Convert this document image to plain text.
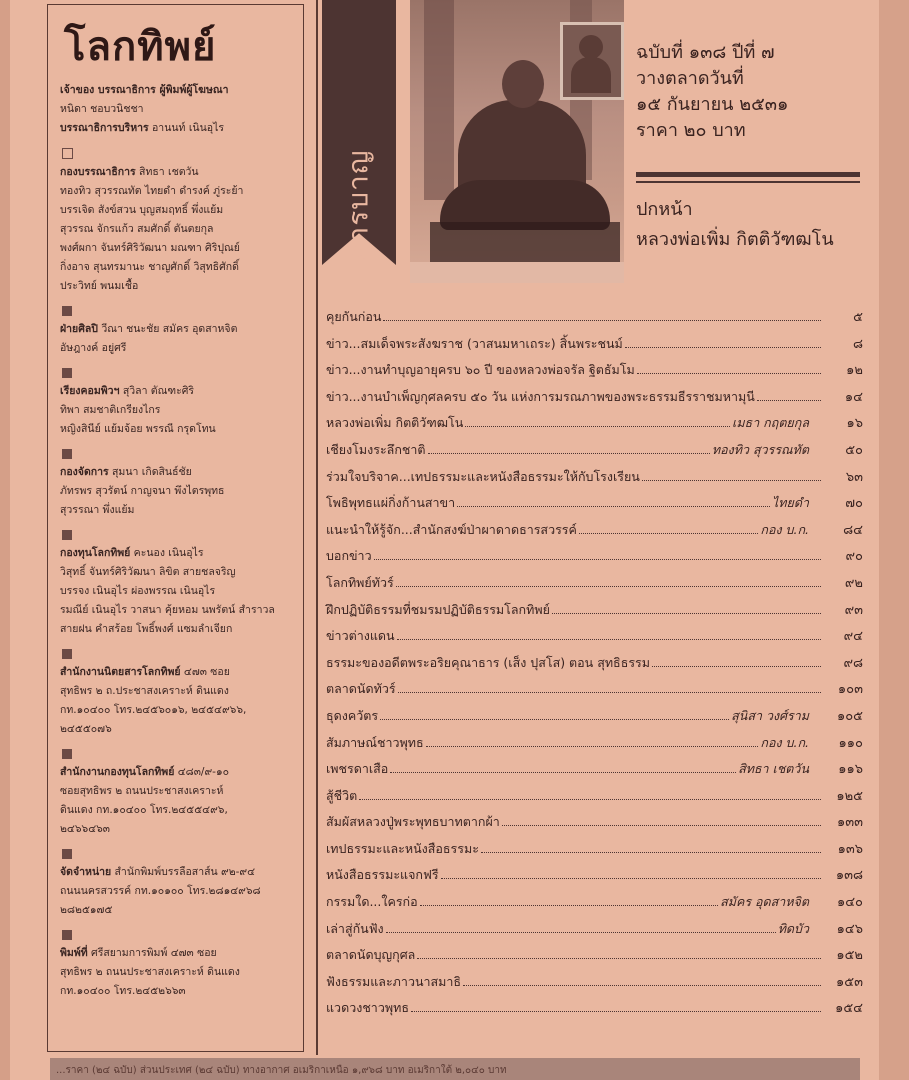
โลกทิพย์

เจ้าของ บรรณาธิการ ผู้พิมพ์ผู้โฆษณา

หนิดา ชอบวนิชชา

บรรณาธิการบริหาร อานนท์ เนินอุไร

กองบรรณาธิการ สิทธา เชตวัน

ทองทิว สุวรรณทัต ไทยดำ ดำรงค์ ภู่ระย้า

บรรเจิด สังข์สวน บุญสมฤทธิ์ พึ่งแย้ม

สุวรรณ จักรแก้ว สมศักดิ์ ตันตยกุล

พงศ์ผกา จันทร์ศิริวัฒนา มณฑา ศิริปุณย์

กิ่งอาจ สุนทรมานะ ชาญศักดิ์ วิสุทธิศักดิ์

ประวิทย์ พนมเชื้อ

ฝ่ายศิลปิ วีณา ชนะชัย สมัคร อุดสาหจิต

อัษฎางค์ อยู่ศรี

เรียงคอมพิวฯ สุวิลา ตัณฑะศิริ

ทิพา สมชาติเกรียงไกร

หญิงสินีย์ แย้มจ้อย พรรณี กรุดโทน

กองจัดการ สุมนา เกิดสินธ์ชัย

ภัทรพร สุวรัตน์ กาญจนา พึงไตรพุทธ

สุวรรณา พึ่งแย้ม

กองทุนโลกทิพย์ คะนอง เนินอุไร

วิสุทธิ์ จันทร์ศิริวัฒนา ลิขิต สายชลจริญ

บรรจง เนินอุไร ผ่องพรรณ เนินอุไร

รมณีย์ เนินอุไร วาสนา คุ้ยหอม นพรัตน์ สำราวล

สายฝน คำสร้อย โพธิ์พงศ์ แซมลำเจียก

สำนักงานนิตยสารโลกทิพย์ ๔๗๓ ซอย

สุทธิพร ๒ ถ.ประชาสงเคราะห์ ดินแดง

กท.๑๐๔๐๐ โทร.๒๔๕๖๐๑๖, ๒๔๕๔๙๖๖,

๒๔๕๕๐๗๖

สำนักงานกองทุนโลกทิพย์ ๔๘๓/๙-๑๐

ซอยสุทธิพร ๒ ถนนประชาสงเคราะห์

ดินแดง กท.๑๐๔๐๐ โทร.๒๔๕๕๔๙๖,

๒๔๖๖๔๖๓

จัดจำหน่าย สำนักพิมพ์บรรลือสาส์น ๙๒-๙๔

ถนนนครสวรรค์ กท.๑๐๑๐๐ โทร.๒๘๑๔๙๖๘

๒๘๒๕๑๗๕

พิมพ์ที่ ศรีสยามการพิมพ์ ๔๗๓ ซอย

สุทธิพร ๒ ถนนประชาสงเคราะห์ ดินแดง

กท.๑๐๔๐๐ โทร.๒๔๕๒๖๖๓

สารบาญ

ฉบับที่ ๑๓๘ ปีที่ ๗

วางตลาดวันที่

๑๕ กันยายน ๒๕๓๑

ราคา ๒๐ บาท

ปกหน้า

หลวงพ่อเพิ่ม กิตติวัฑฒโน

คุยกันก่อน	๕
ข่าว...สมเด็จพระสังฆราช (วาสนมหาเถระ) สิ้นพระชนม์	๘
ข่าว...งานทำบุญอายุครบ ๖๐ ปี ของหลวงพ่อจรัล ฐิตธัมโม	๑๒
ข่าว...งานบำเพ็ญกุศลครบ ๕๐ วัน แห่งการมรณภาพของพระธรรมธีรราชมหามุนี	๑๔
หลวงพ่อเพิ่ม กิตติวัฑฒโน	เมธา กฤตยกุล	๑๖
เชียงโมงระลึกชาติ	ทองทิว สุวรรณทัต	๕๐
ร่วมใจบริจาค...เทปธรรมะและหนังสือธรรมะให้กับโรงเรียน	๖๓
โพธิพุทธแผ่กิ่งก้านสาขา	ไทยดำ	๗๐
แนะนำให้รู้จัก...สำนักสงฆ์ป่าผาดาดธารสวรรค์	กอง บ.ก.	๘๔
บอกข่าว	๙๐
โลกทิพย์ทัวร์	๙๒
ฝึกปฏิบัติธรรมที่ชมรมปฏิบัติธรรมโลกทิพย์	๙๓
ข่าวต่างแดน	๙๔
ธรรมะของอดีตพระอริยคุณาธาร (เส็ง ปุสโส) ตอน สุทธิธรรม	๙๘
ตลาดนัดทัวร์	๑๐๓
ธุดงควัตร	สุนิสา วงศ์ราม	๑๐๕
สัมภาษณ์ชาวพุทธ	กอง บ.ก.	๑๑๐
เพชรดาเสือ	สิทธา เชตวัน	๑๑๖
สู้ชีวิต	๑๒๕
สัมผัสหลวงปู่พระพุทธบาทตากผ้า	๑๓๓
เทปธรรมะและหนังสือธรรมะ	๑๓๖
หนังสือธรรมะแจกฟรี	๑๓๘
กรรมใด...ใครก่อ	สมัคร อุดสาหจิต	๑๔๐
เล่าสู่กันฟัง	ทิดบัว	๑๔๖
ตลาดนัดบุญกุศล	๑๕๒
ฟังธรรมและภาวนาสมาธิ	๑๕๓
แวดวงชาวพุทธ	๑๕๔
...ราคา (๒๔ ฉบับ) ส่วนประเทศ (๒๔ ฉบับ) ทางอากาศ อเมริกาเหนือ ๑,๙๖๘ บาท อเมริกาใต้ ๒,๐๔๐ บาท
